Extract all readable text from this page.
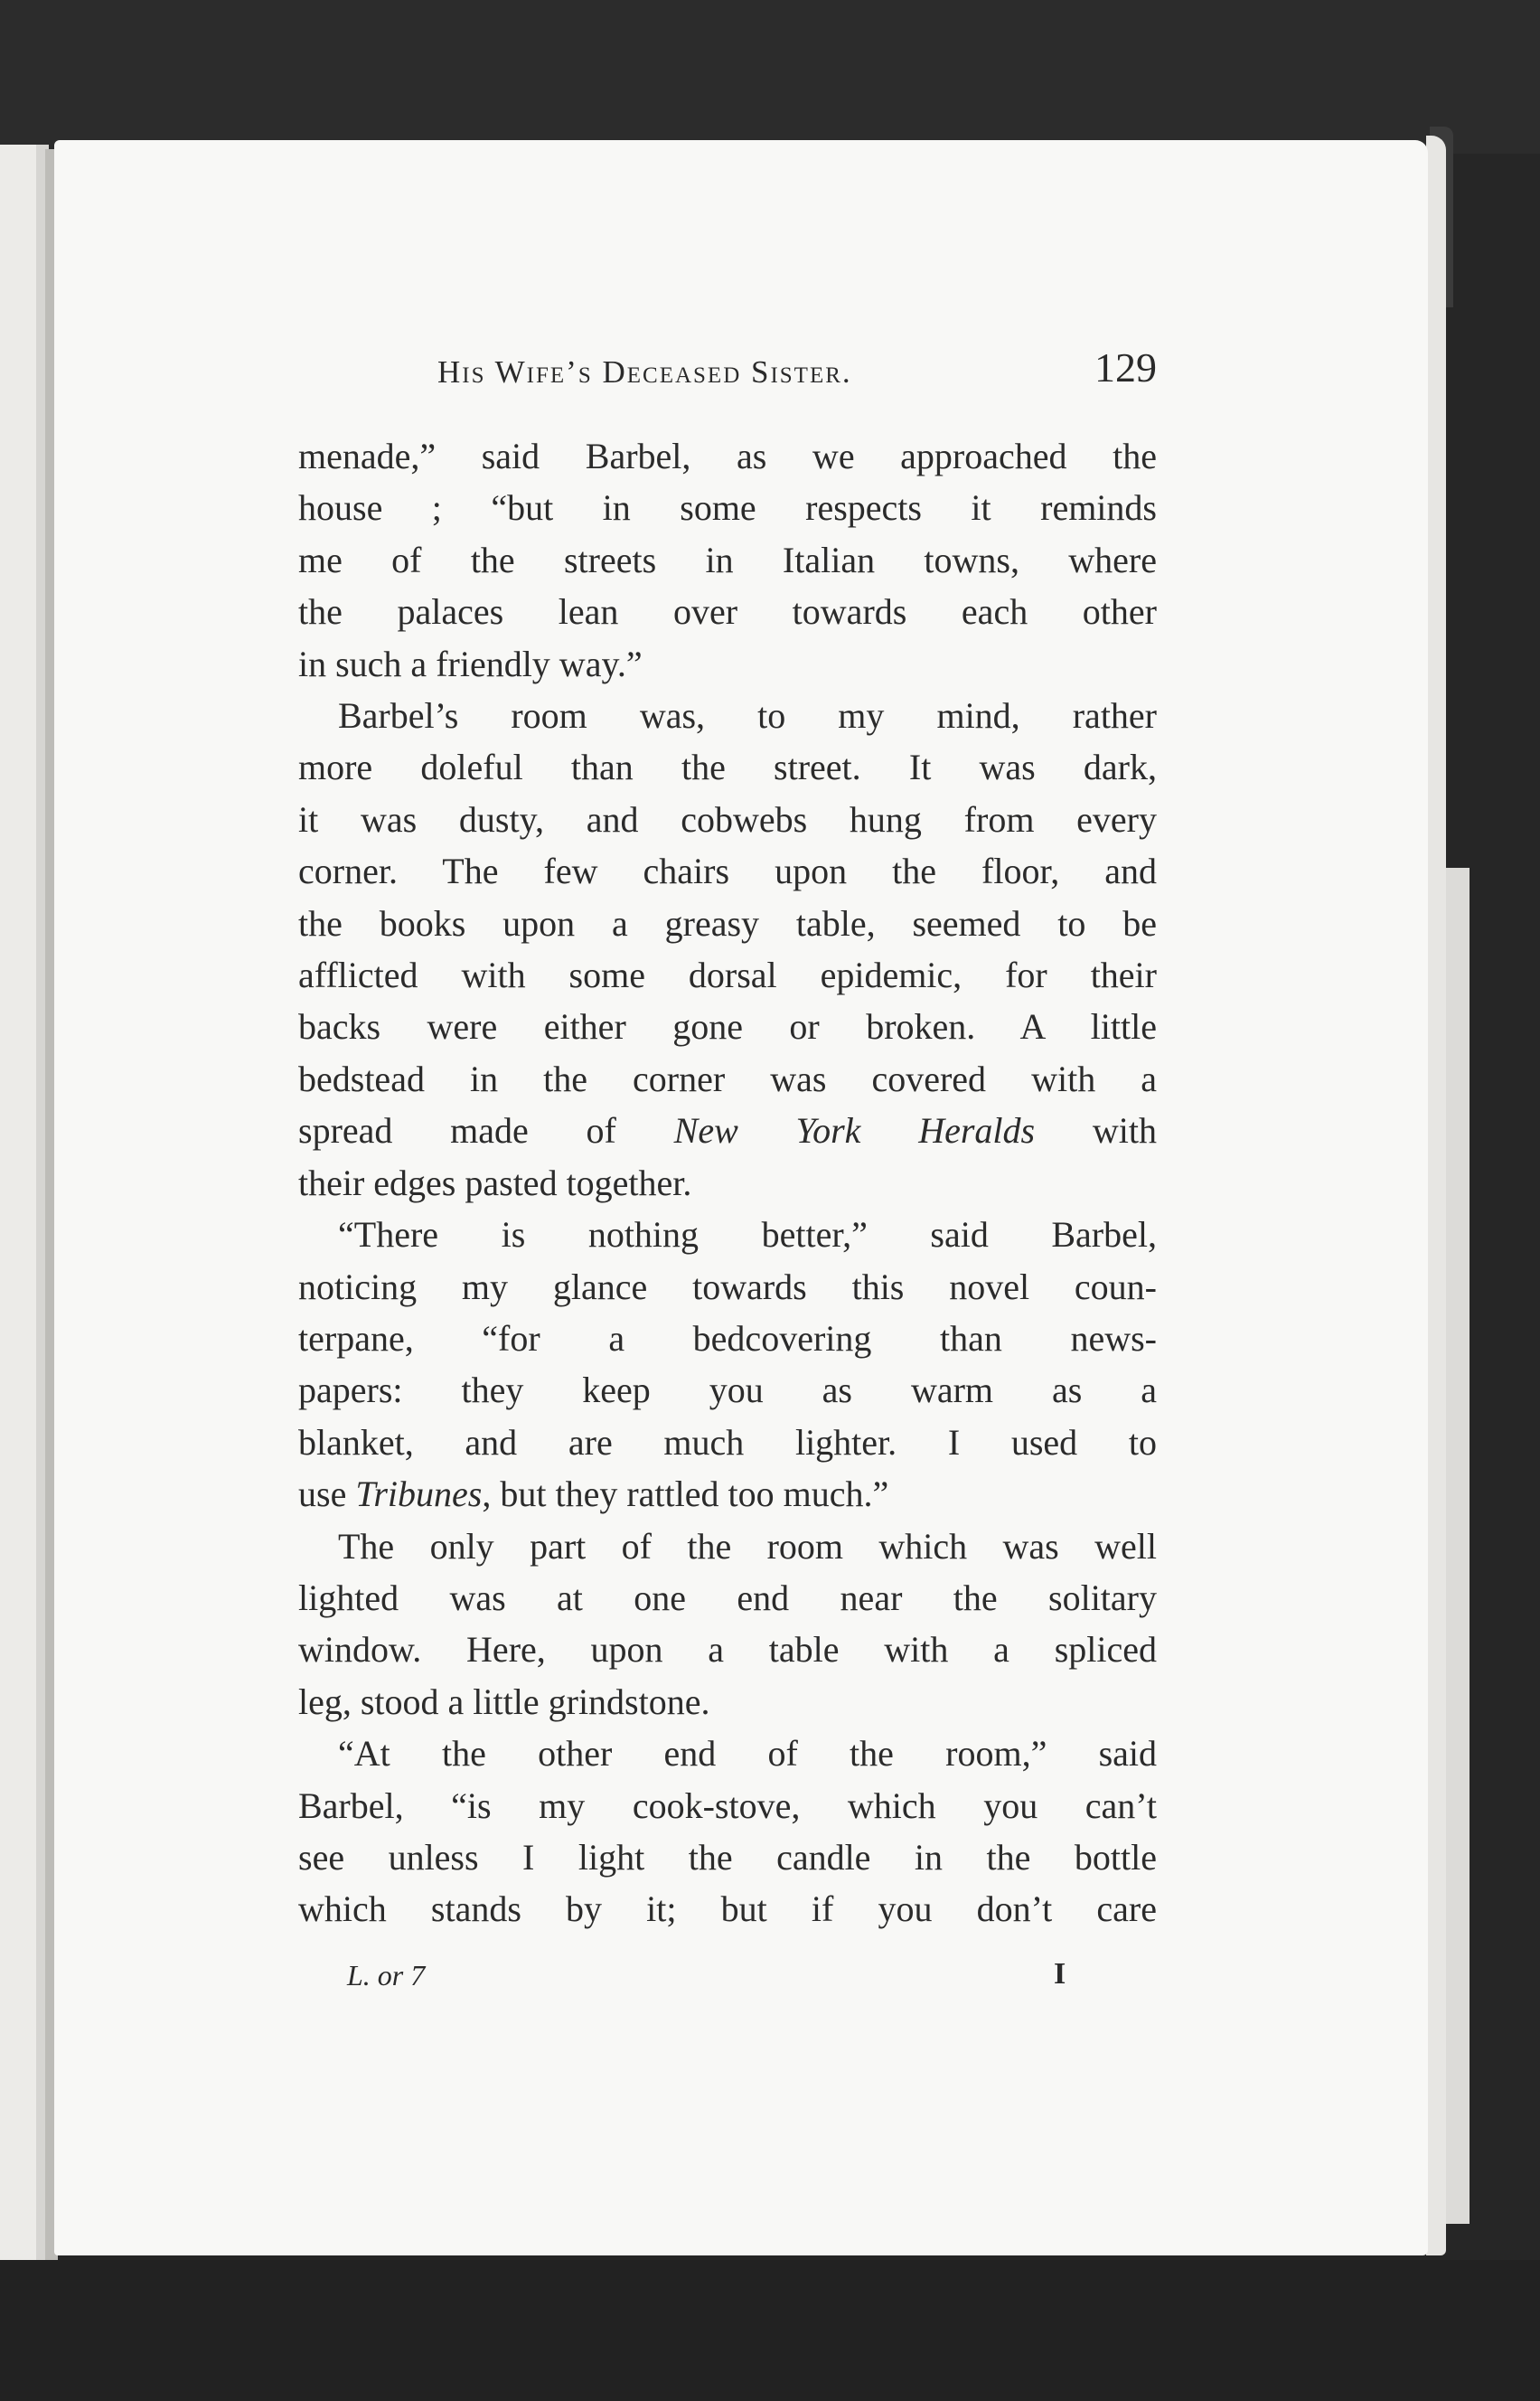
His Wife’s Deceased Sister.	129

menade,” said Barbel, as we approached the
house ; “but in some respects it reminds
me of the streets in Italian towns, where
the palaces lean over towards each other
in such a friendly way.”

Barbel’s room was, to my mind, rather
more doleful than the street. It was dark,
it was dusty, and cobwebs hung from every
corner. The few chairs upon the floor, and
the books upon a greasy table, seemed to be
afflicted with some dorsal epidemic, for their
backs were either gone or broken. A little
bedstead in the corner was covered with a
spread made of New York Heralds with
their edges pasted together.

“There is nothing better,” said Barbel,
noticing my glance towards this novel coun-
terpane, “for a bedcovering than news-
papers: they keep you as warm as a
blanket, and are much lighter. I used to
use Tribunes, but they rattled too much.”

The only part of the room which was well
lighted was at one end near the solitary
window. Here, upon a table with a spliced
leg, stood a little grindstone.

“At the other end of the room,” said
Barbel, “is my cook-stove, which you can’t
see unless I light the candle in the bottle
which stands by it; but if you don’t care

L. or 7	I
